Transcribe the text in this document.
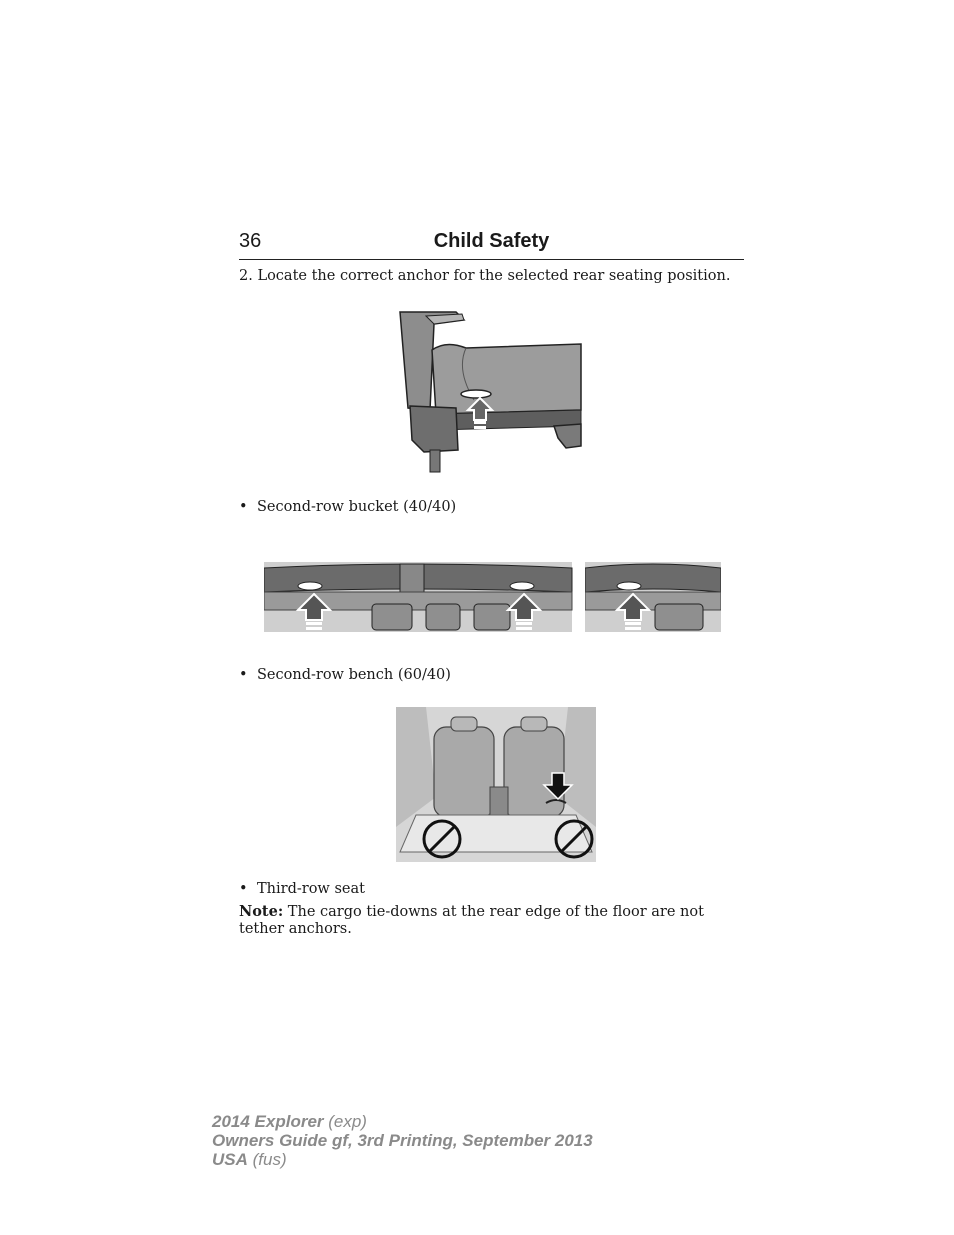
36	Child Safety
2. Locate the correct anchor for the selected rear seating position.
• Second-row bucket (40/40)
• Second-row bench (60/40)
• Third-row seat
Note: The cargo tie-downs at the rear edge of the floor are not tether anchors.
2014 Explorer (exp)
Owners Guide gf, 3rd Printing, September 2013
USA (fus)
